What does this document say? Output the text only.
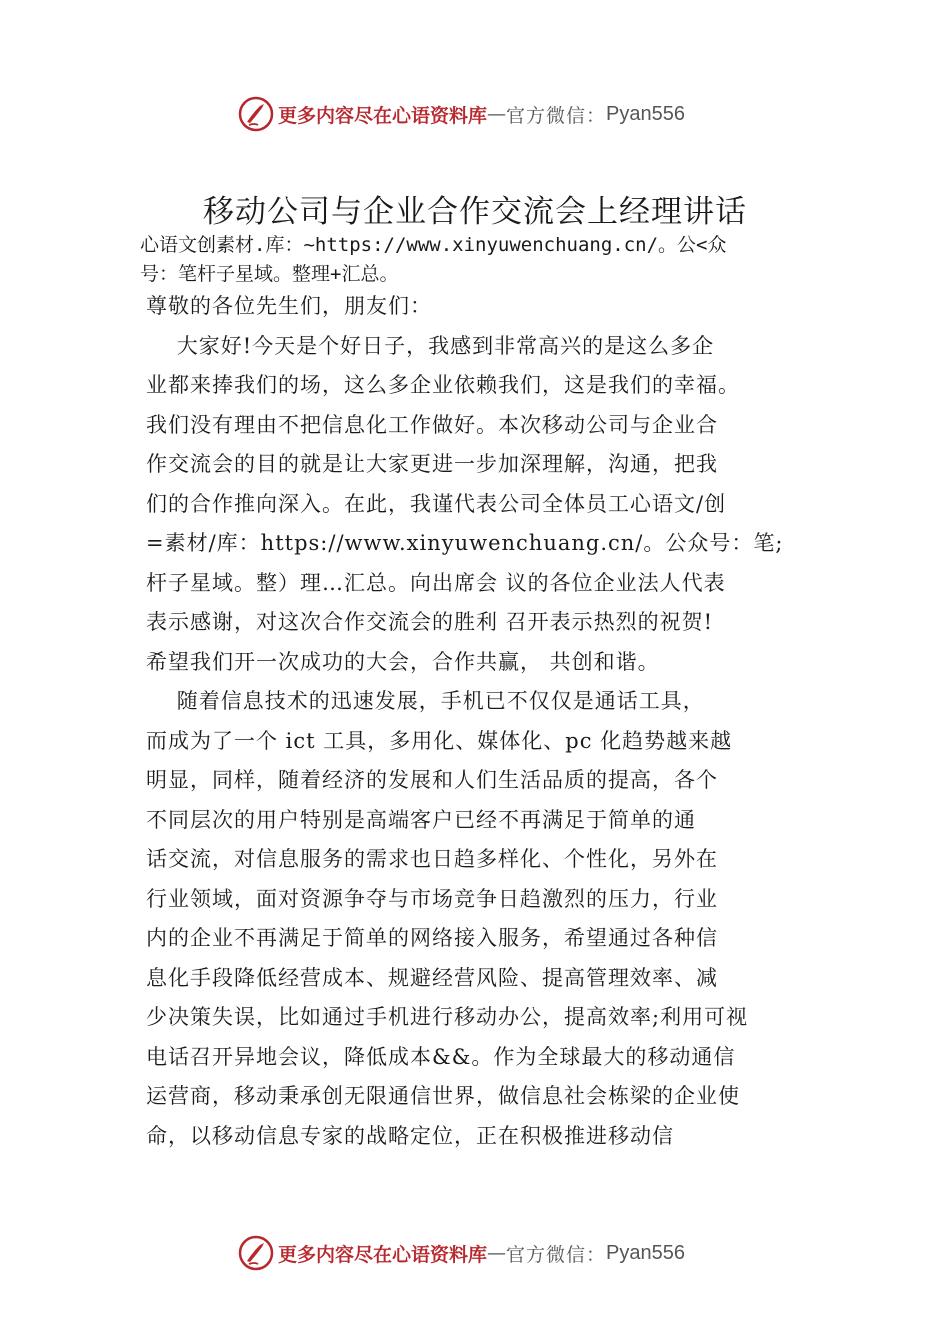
更多内容尽在心语资料库 — 官方微信： Pyan556
移动公司与企业合作交流会上经理讲话
心语文创素材.库：~https://www.xinyuwenchuang.cn/。公<众
号：笔杆子星域。整理+汇总。
尊敬的各位先生们，朋友们：
大家好!今天是个好日子，我感到非常高兴的是这么多企
业都来捧我们的场，这么多企业依赖我们，这是我们的幸福。
我们没有理由不把信息化工作做好。本次移动公司与企业合
作交流会的目的就是让大家更进一步加深理解，沟通，把我
们的合作推向深入。在此，我谨代表公司全体员工心语文/创
=素材/库：https://www.xinyuwenchuang.cn/。公众号：笔;
杆子星域。整）理…汇总。向出席会 议的各位企业法人代表
表示感谢，对这次合作交流会的胜利 召开表示热烈的祝贺!
希望我们开一次成功的大会，合作共赢， 共创和谐。
随着信息技术的迅速发展，手机已不仅仅是通话工具，
而成为了一个 ict 工具，多用化、媒体化、pc 化趋势越来越
明显，同样，随着经济的发展和人们生活品质的提高，各个
不同层次的用户特别是高端客户已经不再满足于简单的通
话交流，对信息服务的需求也日趋多样化、个性化，另外在
行业领域，面对资源争夺与市场竞争日趋激烈的压力，行业
内的企业不再满足于简单的网络接入服务，希望通过各种信
息化手段降低经营成本、规避经营风险、提高管理效率、减
少决策失误，比如通过手机进行移动办公，提高效率;利用可视
电话召开异地会议，降低成本&&。作为全球最大的移动通信
运营商，移动秉承创无限通信世界，做信息社会栋梁的企业使
命，以移动信息专家的战略定位，正在积极推进移动信
更多内容尽在心语资料库 — 官方微信： Pyan556
